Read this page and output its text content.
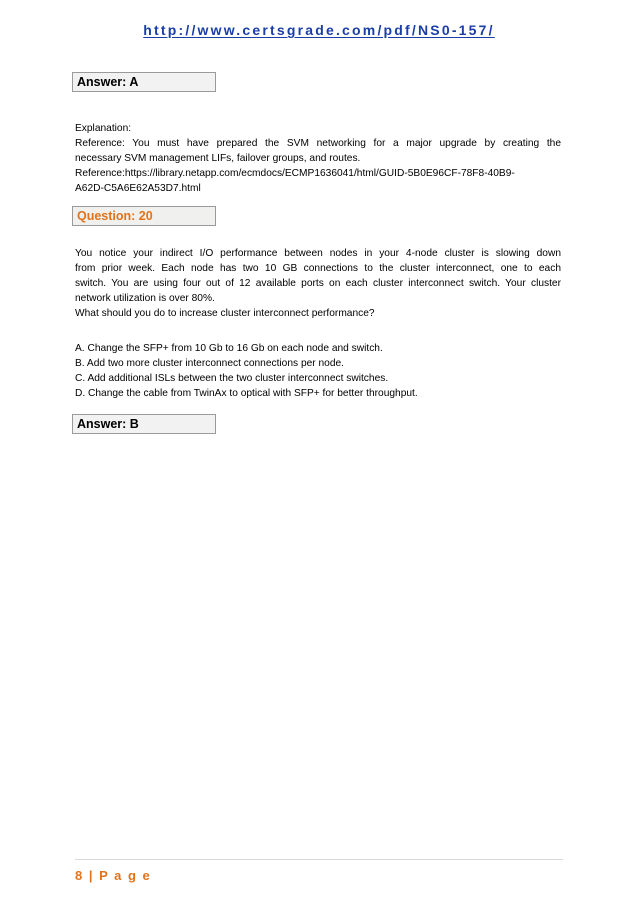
http://www.certsgrade.com/pdf/NS0-157/
Answer: A

Explanation:

Reference: You must have prepared the SVM networking for a major upgrade by creating the

necessary SVM management LIFs, failover groups, and routes.

Reference:https://library.netapp.com/ecmdocs/ECMP1636041/html/GUID-5B0E96CF-78F8-40B9-

A62D-C5A6E62A53D7.html

Question: 20

You notice your indirect I/O performance between nodes in your 4-node cluster is slowing down

from prior week. Each node has two 10 GB connections to the cluster interconnect, one to each

switch. You are using four out of 12 available ports on each cluster interconnect switch. Your cluster

network utilization is over 80%.

What should you do to increase cluster interconnect performance?

A. Change the SFP+ from 10 Gb to 16 Gb on each node and switch.

B. Add two more cluster interconnect connections per node.

C. Add additional ISLs between the two cluster interconnect switches.

D. Change the cable from TwinAx to optical with SFP+ for better throughput.

Answer: B
8 | P a g e
